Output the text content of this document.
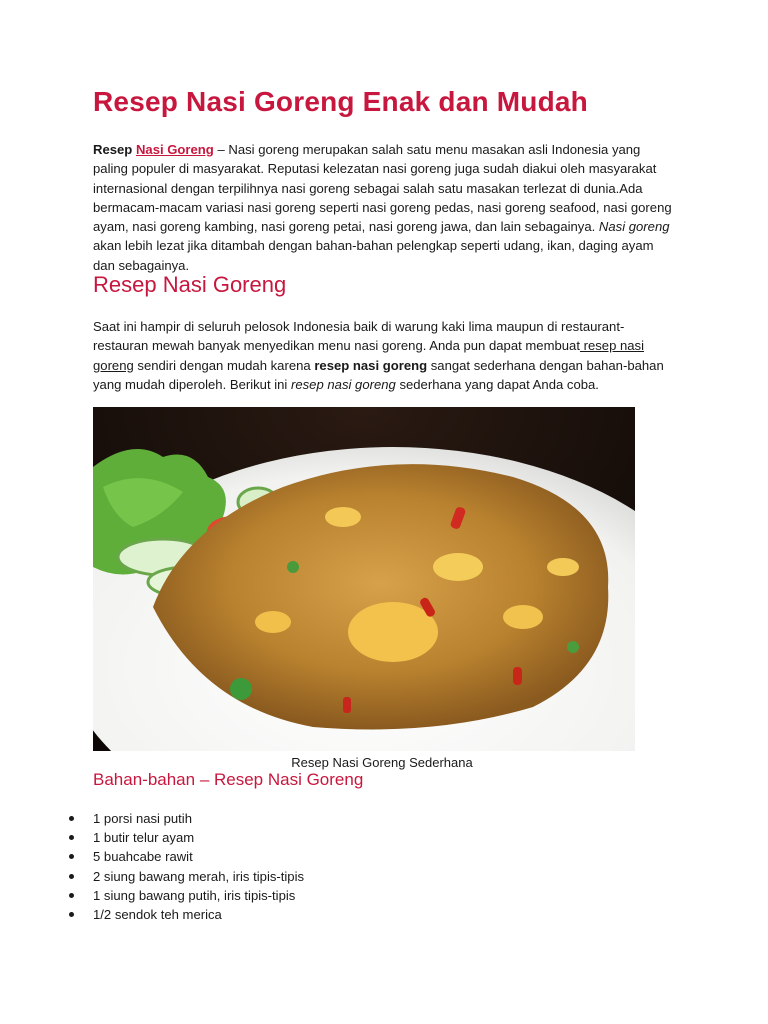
Resep Nasi Goreng Enak dan Mudah

Resep Nasi Goreng – Nasi goreng merupakan salah satu menu masakan asli Indonesia yang paling populer di masyarakat. Reputasi kelezatan nasi goreng juga sudah diakui oleh masyarakat internasional dengan terpilihnya nasi goreng sebagai salah satu masakan terlezat di dunia.Ada bermacam-macam variasi nasi goreng seperti nasi goreng pedas, nasi goreng seafood, nasi goreng ayam, nasi goreng kambing, nasi goreng petai, nasi goreng jawa, dan lain sebagainya. Nasi goreng akan lebih lezat jika ditambah dengan bahan-bahan pelengkap seperti udang, ikan, daging ayam dan sebagainya.

Resep Nasi Goreng

Saat ini hampir di seluruh pelosok Indonesia baik di warung kaki lima maupun di restaurant-restauran mewah banyak menyedikan menu nasi goreng. Anda pun dapat membuat resep nasi goreng sendiri dengan mudah karena resep nasi goreng sangat sederhana dengan bahan-bahan yang mudah diperoleh. Berikut ini resep nasi goreng sederhana yang dapat Anda coba.

Resep Nasi Goreng Sederhana
Bahan-bahan – Resep Nasi Goreng
1 porsi nasi putih
1 butir telur ayam
5 buahcabe rawit
2 siung bawang merah, iris tipis-tipis
1 siung bawang putih, iris tipis-tipis
1/2 sendok teh merica
